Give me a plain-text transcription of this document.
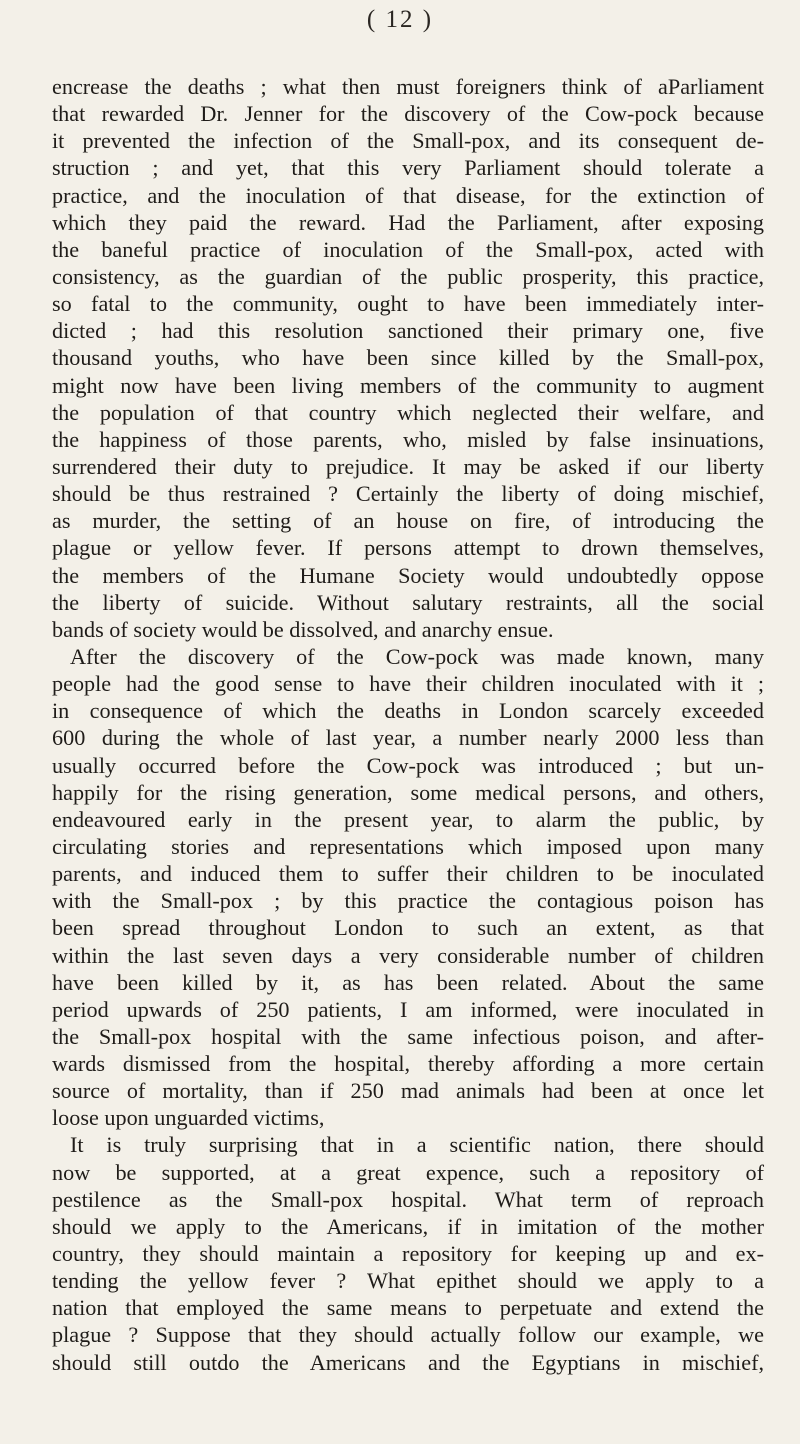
( 12 )
encrease the deaths ; what then must foreigners think of aParliament
that rewarded Dr. Jenner for the discovery of the Cow-pock because
it prevented the infection of the Small-pox, and its consequent de-
struction ; and yet, that this very Parliament should tolerate a
practice, and the inoculation of that disease, for the extinction of
which they paid the reward. Had the Parliament, after exposing
the baneful practice of inoculation of the Small-pox, acted with
consistency, as the guardian of the public prosperity, this practice,
so fatal to the community, ought to have been immediately inter-
dicted ; had this resolution sanctioned their primary one, five
thousand youths, who have been since killed by the Small-pox,
might now have been living members of the community to augment
the population of that country which neglected their welfare, and
the happiness of those parents, who, misled by false insinuations,
surrendered their duty to prejudice. It may be asked if our liberty
should be thus restrained ? Certainly the liberty of doing mischief,
as murder, the setting of an house on fire, of introducing the
plague or yellow fever. If persons attempt to drown themselves,
the members of the Humane Society would undoubtedly oppose
the liberty of suicide. Without salutary restraints, all the social
bands of society would be dissolved, and anarchy ensue.
After the discovery of the Cow-pock was made known, many
people had the good sense to have their children inoculated with it ;
in consequence of which the deaths in London scarcely exceeded
600 during the whole of last year, a number nearly 2000 less than
usually occurred before the Cow-pock was introduced ; but un-
happily for the rising generation, some medical persons, and others,
endeavoured early in the present year, to alarm the public, by
circulating stories and representations which imposed upon many
parents, and induced them to suffer their children to be inoculated
with the Small-pox ; by this practice the contagious poison has
been spread throughout London to such an extent, as that
within the last seven days a very considerable number of children
have been killed by it, as has been related. About the same
period upwards of 250 patients, I am informed, were inoculated in
the Small-pox hospital with the same infectious poison, and after-
wards dismissed from the hospital, thereby affording a more certain
source of mortality, than if 250 mad animals had been at once let
loose upon unguarded victims,
It is truly surprising that in a scientific nation, there should
now be supported, at a great expence, such a repository of
pestilence as the Small-pox hospital. What term of reproach
should we apply to the Americans, if in imitation of the mother
country, they should maintain a repository for keeping up and ex-
tending the yellow fever ? What epithet should we apply to a
nation that employed the same means to perpetuate and extend the
plague ? Suppose that they should actually follow our example, we
should still outdo the Americans and the Egyptians in mischief,
